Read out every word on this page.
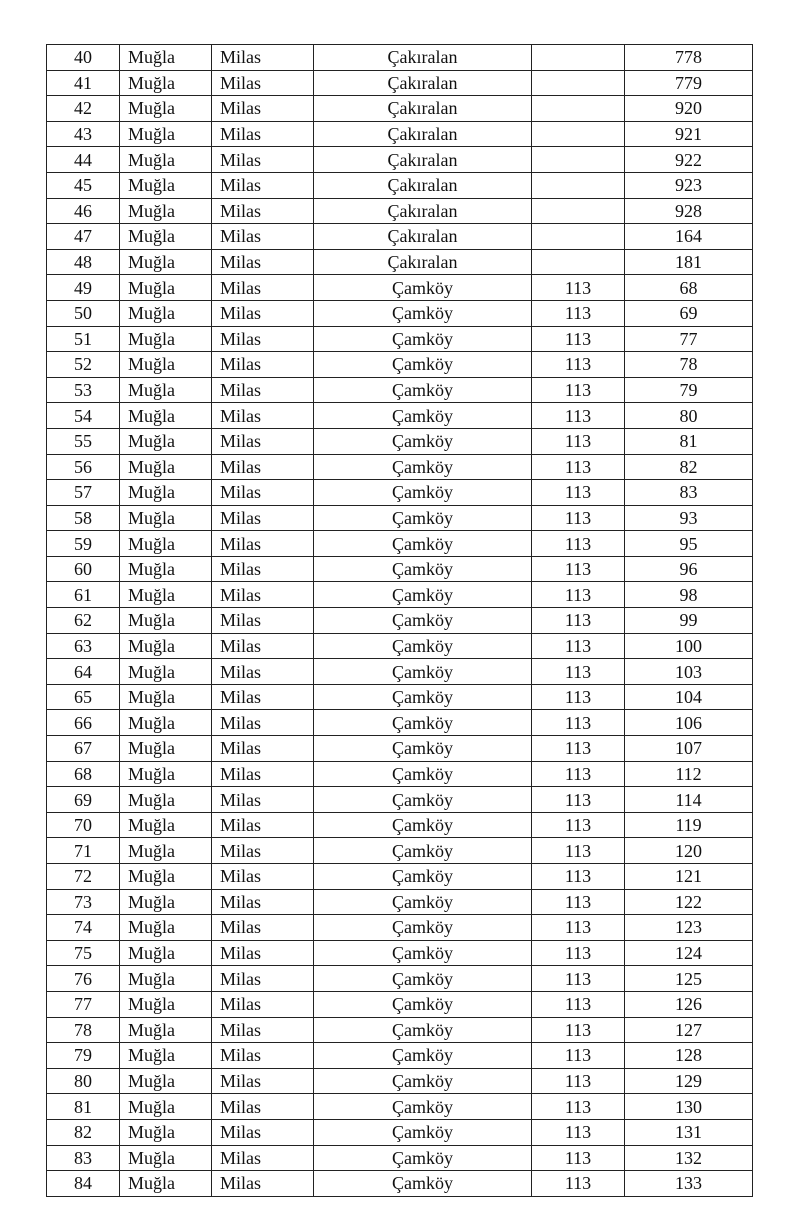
40	Muğla	Milas	Çakıralan		778
41	Muğla	Milas	Çakıralan		779
42	Muğla	Milas	Çakıralan		920
43	Muğla	Milas	Çakıralan		921
44	Muğla	Milas	Çakıralan		922
45	Muğla	Milas	Çakıralan		923
46	Muğla	Milas	Çakıralan		928
47	Muğla	Milas	Çakıralan		164
48	Muğla	Milas	Çakıralan		181
49	Muğla	Milas	Çamköy	113	68
50	Muğla	Milas	Çamköy	113	69
51	Muğla	Milas	Çamköy	113	77
52	Muğla	Milas	Çamköy	113	78
53	Muğla	Milas	Çamköy	113	79
54	Muğla	Milas	Çamköy	113	80
55	Muğla	Milas	Çamköy	113	81
56	Muğla	Milas	Çamköy	113	82
57	Muğla	Milas	Çamköy	113	83
58	Muğla	Milas	Çamköy	113	93
59	Muğla	Milas	Çamköy	113	95
60	Muğla	Milas	Çamköy	113	96
61	Muğla	Milas	Çamköy	113	98
62	Muğla	Milas	Çamköy	113	99
63	Muğla	Milas	Çamköy	113	100
64	Muğla	Milas	Çamköy	113	103
65	Muğla	Milas	Çamköy	113	104
66	Muğla	Milas	Çamköy	113	106
67	Muğla	Milas	Çamköy	113	107
68	Muğla	Milas	Çamköy	113	112
69	Muğla	Milas	Çamköy	113	114
70	Muğla	Milas	Çamköy	113	119
71	Muğla	Milas	Çamköy	113	120
72	Muğla	Milas	Çamköy	113	121
73	Muğla	Milas	Çamköy	113	122
74	Muğla	Milas	Çamköy	113	123
75	Muğla	Milas	Çamköy	113	124
76	Muğla	Milas	Çamköy	113	125
77	Muğla	Milas	Çamköy	113	126
78	Muğla	Milas	Çamköy	113	127
79	Muğla	Milas	Çamköy	113	128
80	Muğla	Milas	Çamköy	113	129
81	Muğla	Milas	Çamköy	113	130
82	Muğla	Milas	Çamköy	113	131
83	Muğla	Milas	Çamköy	113	132
84	Muğla	Milas	Çamköy	113	133
